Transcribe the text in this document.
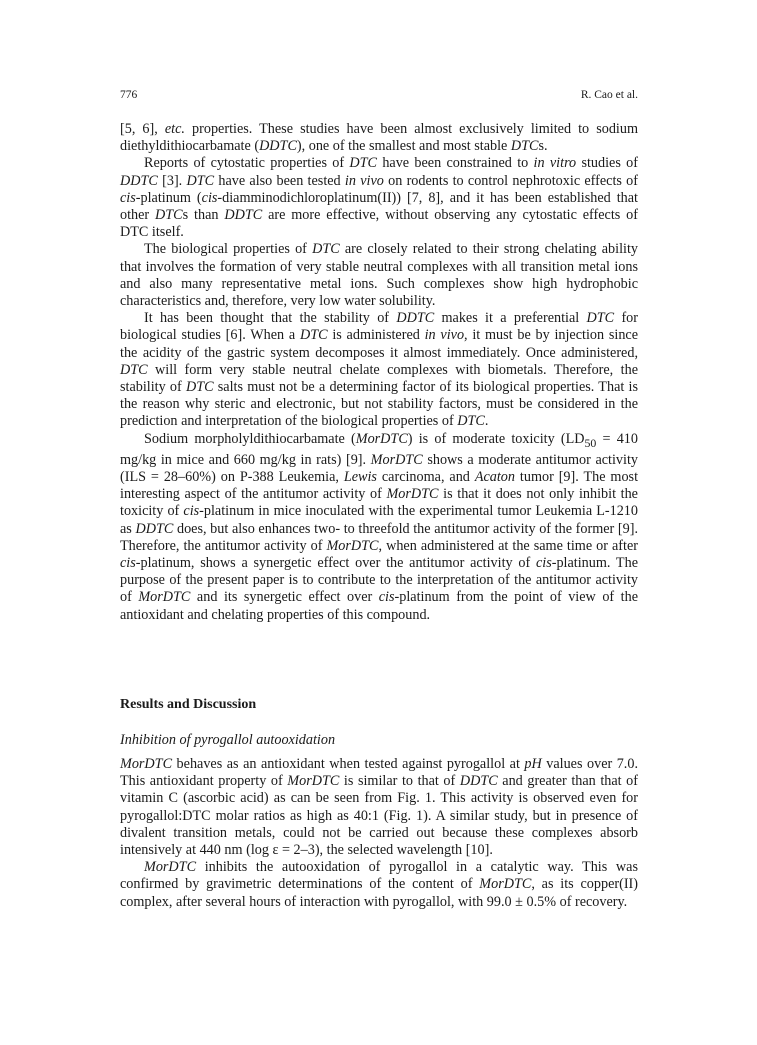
776	R. Cao et al.

[5, 6], etc. properties. These studies have been almost exclusively limited to sodium diethyldithiocarbamate (DDTC), one of the smallest and most stable DTCs.

Reports of cytostatic properties of DTC have been constrained to in vitro studies of DDTC [3]. DTC have also been tested in vivo on rodents to control nephrotoxic effects of cis-platinum (cis-diamminodichloroplatinum(II)) [7, 8], and it has been established that other DTCs than DDTC are more effective, without observing any cytostatic effects of DTC itself.

The biological properties of DTC are closely related to their strong chelating ability that involves the formation of very stable neutral complexes with all transition metal ions and also many representative metal ions. Such complexes show high hydrophobic characteristics and, therefore, very low water solubility.

It has been thought that the stability of DDTC makes it a preferential DTC for biological studies [6]. When a DTC is administered in vivo, it must be by injection since the acidity of the gastric system decomposes it almost immediately. Once administered, DTC will form very stable neutral chelate complexes with biometals. Therefore, the stability of DTC salts must not be a determining factor of its biological properties. That is the reason why steric and electronic, but not stability factors, must be considered in the prediction and interpretation of the biological properties of DTC.

Sodium morpholyldithiocarbamate (MorDTC) is of moderate toxicity ($LD_{50} = 410$ mg/kg in mice and 660 mg/kg in rats) [9]. MorDTC shows a moderate antitumor activity (ILS = 28–60%) on P-388 Leukemia, Lewis carcinoma, and Acaton tumor [9]. The most interesting aspect of the antitumor activity of MorDTC is that it does not only inhibit the toxicity of cis-platinum in mice inoculated with the experimental tumor Leukemia L-1210 as DDTC does, but also enhances two- to threefold the antitumor activity of the former [9]. Therefore, the antitumor activity of MorDTC, when administered at the same time or after cis-platinum, shows a synergetic effect over the antitumor activity of cis-platinum. The purpose of the present paper is to contribute to the interpretation of the antitumor activity of MorDTC and its synergetic effect over cis-platinum from the point of view of the antioxidant and chelating properties of this compound.

Results and Discussion
Inhibition of pyrogallol autooxidation

MorDTC behaves as an antioxidant when tested against pyrogallol at pH values over 7.0. This antioxidant property of MorDTC is similar to that of DDTC and greater than that of vitamin C (ascorbic acid) as can be seen from Fig. 1. This activity is observed even for pyrogallol:DTC molar ratios as high as 40:1 (Fig. 1). A similar study, but in presence of divalent transition metals, could not be carried out because these complexes absorb intensively at 440 nm (log ε = 2–3), the selected wavelength [10].

MorDTC inhibits the autooxidation of pyrogallol in a catalytic way. This was confirmed by gravimetric determinations of the content of MorDTC, as its copper(II) complex, after several hours of interaction with pyrogallol, with 99.0 ± 0.5% of recovery.
